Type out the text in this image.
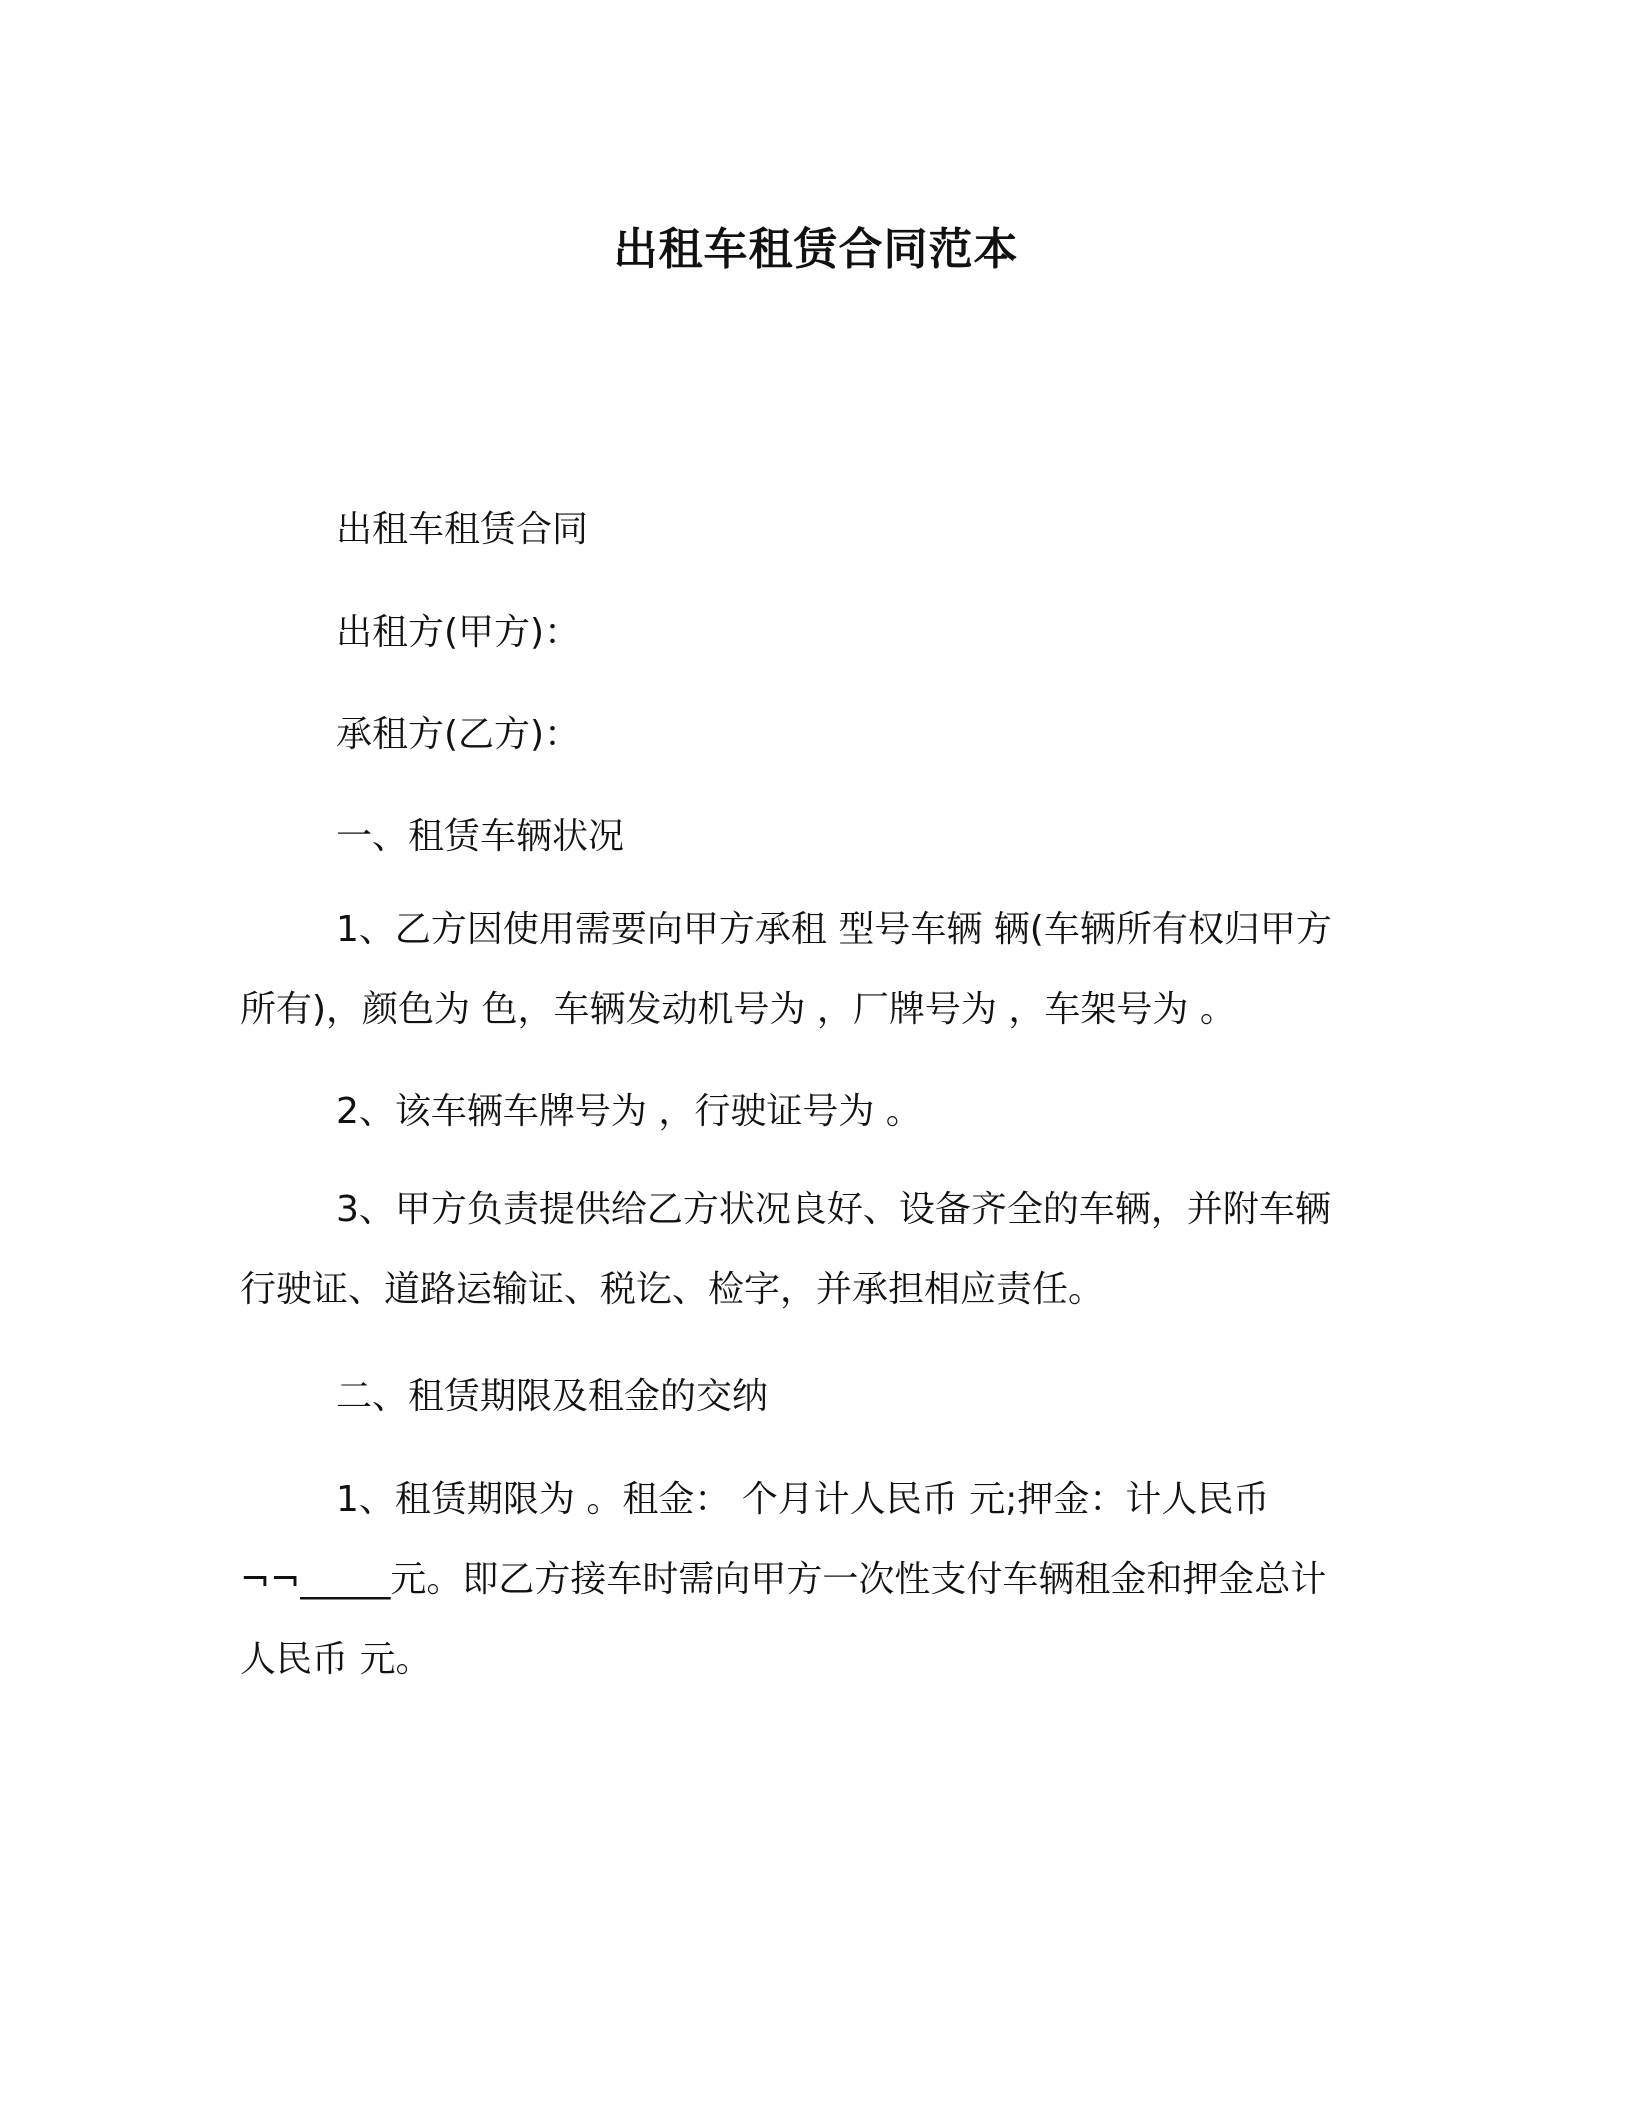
出租车租赁合同范本
出租车租赁合同
出租方(甲方)：
承租方(乙方)：
一、租赁车辆状况
1、乙方因使用需要向甲方承租 型号车辆 辆(车辆所有权归甲方
所有)，颜色为 色，车辆发动机号为 ，厂牌号为 ，车架号为 。
2、该车辆车牌号为 ，行驶证号为 。
3、甲方负责提供给乙方状况良好、设备齐全的车辆，并附车辆
行驶证、道路运输证、税讫、检字，并承担相应责任。
二、租赁期限及租金的交纳
1、租赁期限为 。租金： 个月计人民币 元;押金：计人民币
¬¬_____元。即乙方接车时需向甲方一次性支付车辆租金和押金总计
人民币 元。
